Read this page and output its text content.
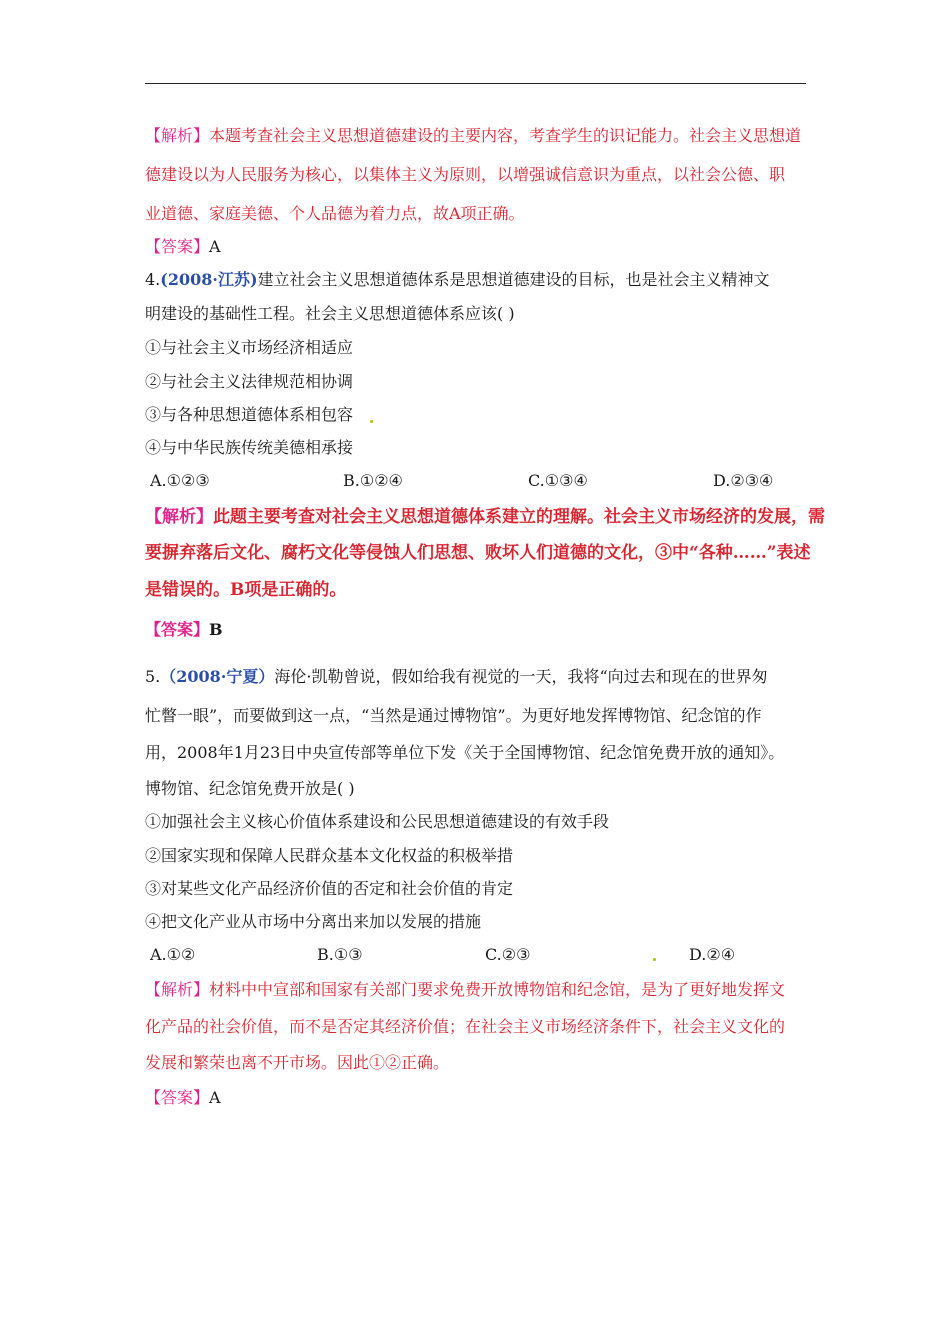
【解析】本题考查社会主义思想道德建设的主要内容，考查学生的识记能力。社会主义思想道
德建设以为人民服务为核心，以集体主义为原则，以增强诚信意识为重点，以社会公德、职
业道德、家庭美德、个人品德为着力点，故A项正确。
【答案】A
4.(2008·江苏)建立社会主义思想道德体系是思想道德建设的目标，也是社会主义精神文
明建设的基础性工程。社会主义思想道德体系应该( )
①与社会主义市场经济相适应
②与社会主义法律规范相协调
③与各种思想道德体系相包容
④与中华民族传统美德相承接
A.①②③	B.①②④	C.①③④	D.②③④
【解析】此题主要考查对社会主义思想道德体系建立的理解。社会主义市场经济的发展，需
要摒弃落后文化、腐朽文化等侵蚀人们思想、败坏人们道德的文化，③中“各种……”表述
是错误的。B项是正确的。
【答案】B
5.（2008·宁夏）海伦·凯勒曾说，假如给我有视觉的一天，我将“向过去和现在的世界匆
忙瞥一眼”，而要做到这一点，“当然是通过博物馆”。为更好地发挥博物馆、纪念馆的作
用，2008年1月23日中央宣传部等单位下发《关于全国博物馆、纪念馆免费开放的通知》。
博物馆、纪念馆免费开放是( )
①加强社会主义核心价值体系建设和公民思想道德建设的有效手段
②国家实现和保障人民群众基本文化权益的积极举措
③对某些文化产品经济价值的否定和社会价值的肯定
④把文化产业从市场中分离出来加以发展的措施
A.①②	B.①③	C.②③	D.②④
【解析】材料中中宣部和国家有关部门要求免费开放博物馆和纪念馆，是为了更好地发挥文
化产品的社会价值，而不是否定其经济价值；在社会主义市场经济条件下，社会主义文化的
发展和繁荣也离不开市场。因此①②正确。
【答案】A
